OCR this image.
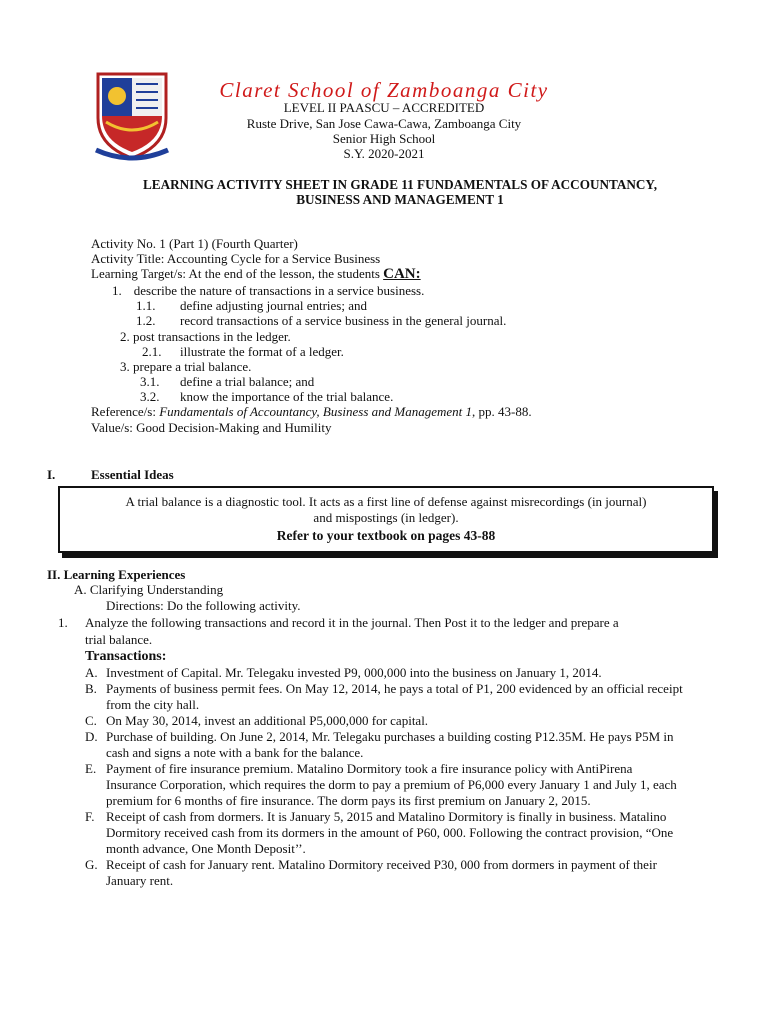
Claret School of Zamboanga City
LEVEL II PAASCU – ACCREDITED
Ruste Drive, San Jose Cawa-Cawa, Zamboanga City
Senior High School
S.Y. 2020-2021
LEARNING ACTIVITY SHEET IN GRADE 11 FUNDAMENTALS OF ACCOUNTANCY,
BUSINESS AND MANAGEMENT 1
Activity No. 1 (Part 1) (Fourth Quarter)
Activity Title: Accounting Cycle for a Service Business
Learning Target/s: At the end of the lesson, the students CAN:
1. describe the nature of transactions in a service business.
1.1. define adjusting journal entries; and
1.2. record transactions of a service business in the general journal.
2. post transactions in the ledger.
2.1. illustrate the format of a ledger.
3. prepare a trial balance.
3.1. define a trial balance; and
3.2. know the importance of the trial balance.
Reference/s: Fundamentals of Accountancy, Business and Management 1, pp. 43-88.
Value/s: Good Decision-Making and Humility
I.	Essential Ideas
A trial balance is a diagnostic tool. It acts as a first line of defense against misrecordings (in journal)
and mispostings (in ledger).
Refer to your textbook on pages 43-88
II. Learning Experiences
A. Clarifying Understanding
Directions: Do the following activity.
1. Analyze the following transactions and record it in the journal. Then Post it to the ledger and prepare a
trial balance.
Transactions:
A. Investment of Capital. Mr. Telegaku invested P9, 000,000 into the business on January 1, 2014.
B. Payments of business permit fees. On May 12, 2014, he pays a total of P1, 200 evidenced by an official receipt
from the city hall.
C. On May 30, 2014, invest an additional P5,000,000 for capital.
D. Purchase of building. On June 2, 2014, Mr. Telegaku purchases a building costing P12.35M. He pays P5M in
cash and signs a note with a bank for the balance.
E. Payment of fire insurance premium. Matalino Dormitory took a fire insurance policy with AntiPirena
Insurance Corporation, which requires the dorm to pay a premium of P6,000 every January 1 and July 1, each
premium for 6 months of fire insurance. The dorm pays its first premium on January 2, 2015.
F. Receipt of cash from dormers. It is January 5, 2015 and Matalino Dormitory is finally in business. Matalino
Dormitory received cash from its dormers in the amount of P60, 000. Following the contract provision, “One
month advance, One Month Deposit’’.
G. Receipt of cash for January rent. Matalino Dormitory received P30, 000 from dormers in payment of their
January rent.
